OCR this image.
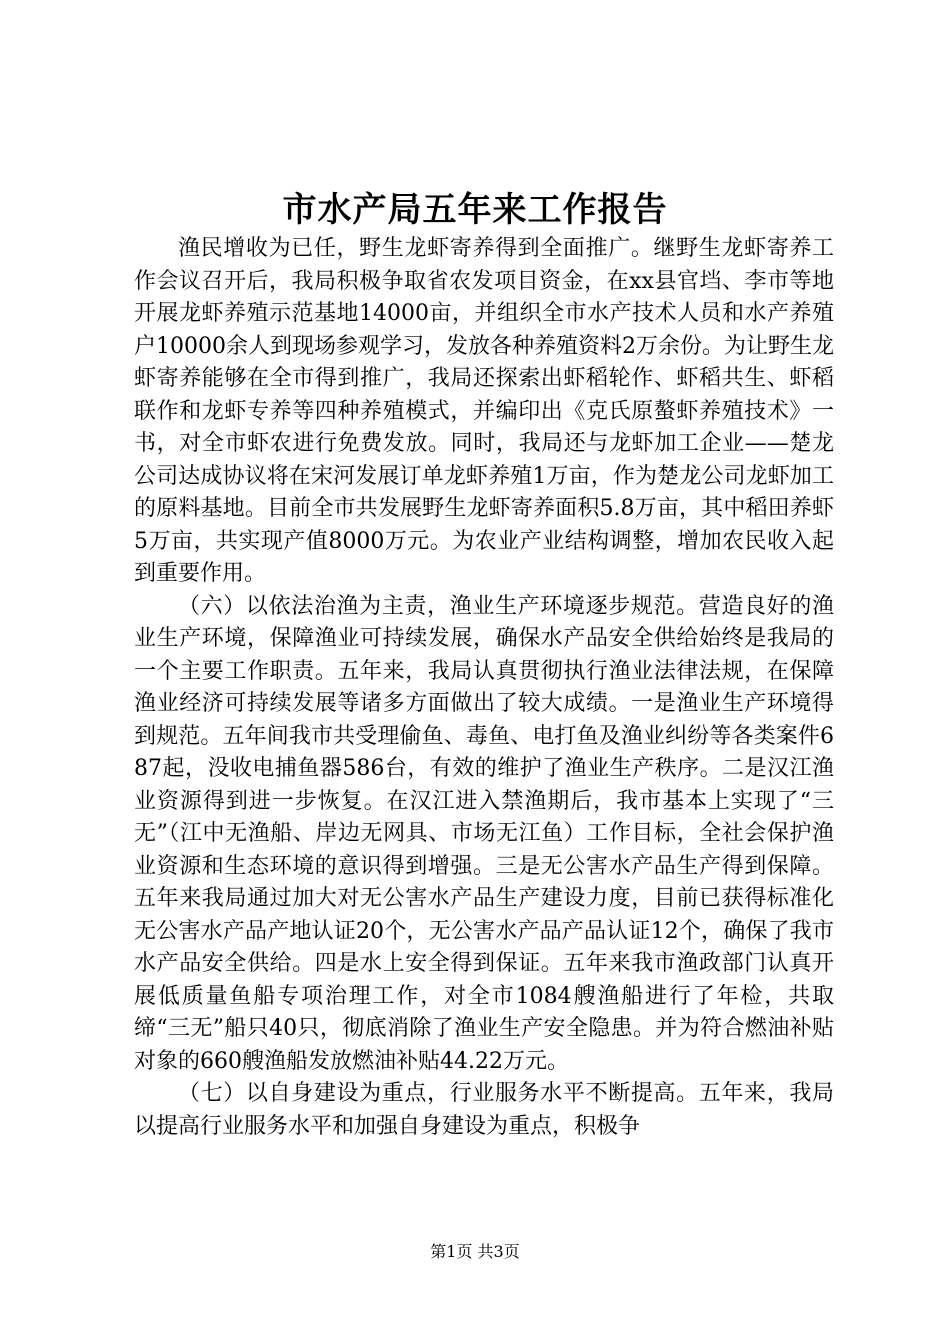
市水产局五年来工作报告

渔民增收为已任，野生龙虾寄养得到全面推广。继野生龙虾寄养工作会议召开后，我局积极争取省农发项目资金，在xx县官垱、李市等地开展龙虾养殖示范基地14000亩，并组织全市水产技术人员和水产养殖户10000余人到现场参观学习，发放各种养殖资料2万余份。为让野生龙虾寄养能够在全市得到推广，我局还探索出虾稻轮作、虾稻共生、虾稻联作和龙虾专养等四种养殖模式，并编印出《克氏原螯虾养殖技术》一书，对全市虾农进行免费发放。同时，我局还与龙虾加工企业——楚龙公司达成协议将在宋河发展订单龙虾养殖1万亩，作为楚龙公司龙虾加工的原料基地。目前全市共发展野生龙虾寄养面积5.8万亩，其中稻田养虾5万亩，共实现产值8000万元。为农业产业结构调整，增加农民收入起到重要作用。

（六）以依法治渔为主责，渔业生产环境逐步规范。营造良好的渔业生产环境，保障渔业可持续发展，确保水产品安全供给始终是我局的一个主要工作职责。五年来，我局认真贯彻执行渔业法律法规，在保障渔业经济可持续发展等诸多方面做出了较大成绩。一是渔业生产环境得到规范。五年间我市共受理偷鱼、毒鱼、电打鱼及渔业纠纷等各类案件687起，没收电捕鱼器586台，有效的维护了渔业生产秩序。二是汉江渔业资源得到进一步恢复。在汉江进入禁渔期后，我市基本上实现了“三无”（江中无渔船、岸边无网具、市场无江鱼）工作目标，全社会保护渔业资源和生态环境的意识得到增强。三是无公害水产品生产得到保障。五年来我局通过加大对无公害水产品生产建设力度，目前已获得标准化无公害水产品产地认证20个，无公害水产品产品认证12个，确保了我市水产品安全供给。四是水上安全得到保证。五年来我市渔政部门认真开展低质量鱼船专项治理工作，对全市1084艘渔船进行了年检，共取缔“三无”船只40只，彻底消除了渔业生产安全隐患。并为符合燃油补贴对象的660艘渔船发放燃油补贴44.22万元。

（七）以自身建设为重点，行业服务水平不断提高。五年来，我局以提高行业服务水平和加强自身建设为重点，积极争

第1页 共3页
